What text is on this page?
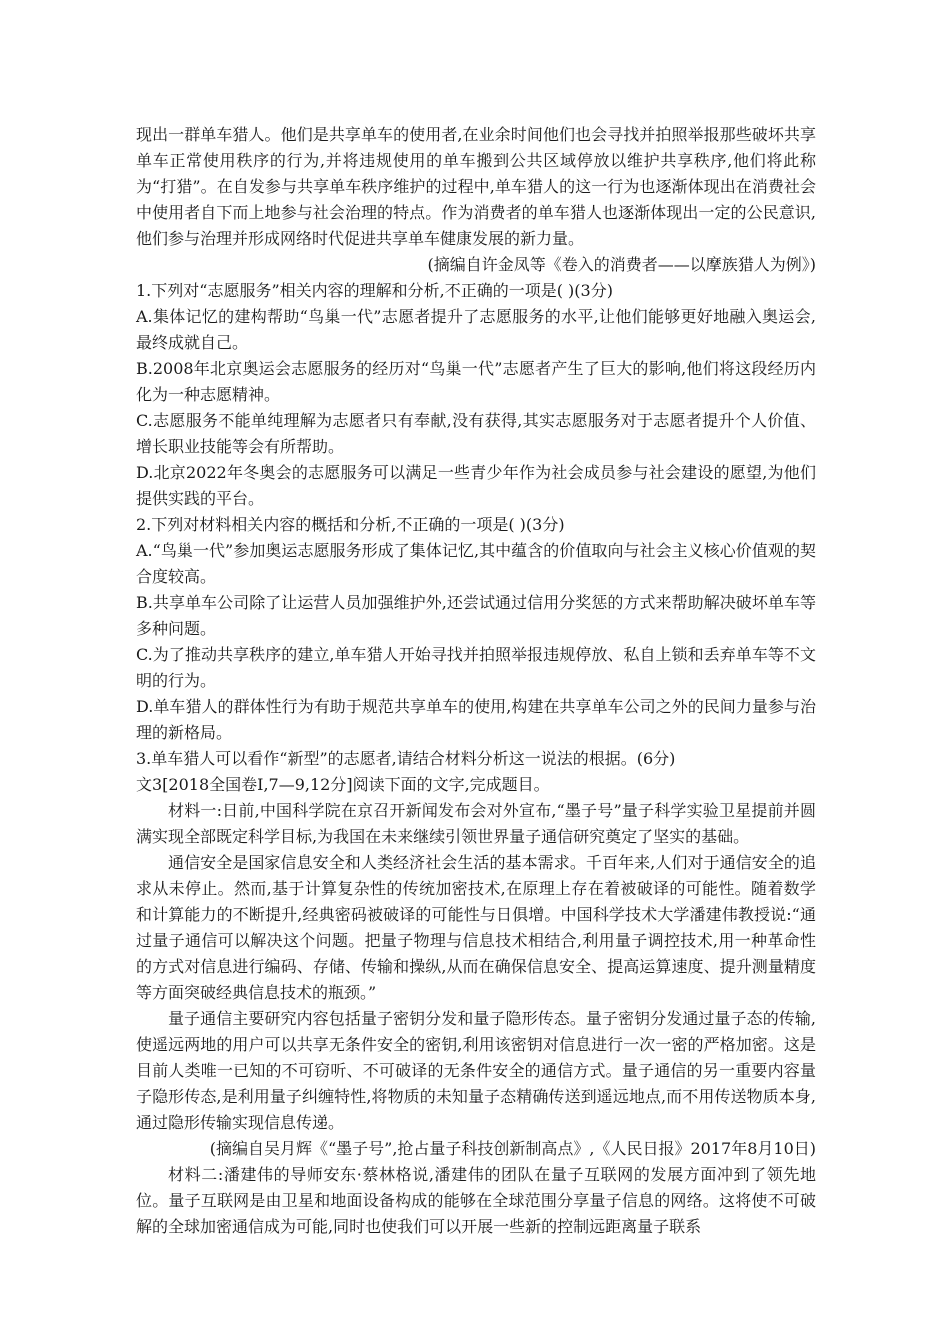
现出一群单车猎人。他们是共享单车的使用者,在业余时间他们也会寻找并拍照举报那些破坏共享单车正常使用秩序的行为,并将违规使用的单车搬到公共区域停放以维护共享秩序,他们将此称为“打猎”。在自发参与共享单车秩序维护的过程中,单车猎人的这一行为也逐渐体现出在消费社会中使用者自下而上地参与社会治理的特点。作为消费者的单车猎人也逐渐体现出一定的公民意识,他们参与治理并形成网络时代促进共享单车健康发展的新力量。

(摘编自许金凤等《卷入的消费者——以摩族猎人为例》)

1.下列对“志愿服务”相关内容的理解和分析,不正确的一项是( )(3分)

A.集体记忆的建构帮助“鸟巢一代”志愿者提升了志愿服务的水平,让他们能够更好地融入奥运会,最终成就自己。

B.2008年北京奥运会志愿服务的经历对“鸟巢一代”志愿者产生了巨大的影响,他们将这段经历内化为一种志愿精神。

C.志愿服务不能单纯理解为志愿者只有奉献,没有获得,其实志愿服务对于志愿者提升个人价值、增长职业技能等会有所帮助。

D.北京2022年冬奥会的志愿服务可以满足一些青少年作为社会成员参与社会建设的愿望,为他们提供实践的平台。

2.下列对材料相关内容的概括和分析,不正确的一项是( )(3分)

A.“鸟巢一代”参加奥运志愿服务形成了集体记忆,其中蕴含的价值取向与社会主义核心价值观的契合度较高。

B.共享单车公司除了让运营人员加强维护外,还尝试通过信用分奖惩的方式来帮助解决破坏单车等多种问题。

C.为了推动共享秩序的建立,单车猎人开始寻找并拍照举报违规停放、私自上锁和丢弃单车等不文明的行为。

D.单车猎人的群体性行为有助于规范共享单车的使用,构建在共享单车公司之外的民间力量参与治理的新格局。

3.单车猎人可以看作“新型”的志愿者,请结合材料分析这一说法的根据。(6分)

文3[2018全国卷Ⅰ,7—9,12分]阅读下面的文字,完成题目。

材料一:日前,中国科学院在京召开新闻发布会对外宣布,“墨子号”量子科学实验卫星提前并圆满实现全部既定科学目标,为我国在未来继续引领世界量子通信研究奠定了坚实的基础。

通信安全是国家信息安全和人类经济社会生活的基本需求。千百年来,人们对于通信安全的追求从未停止。然而,基于计算复杂性的传统加密技术,在原理上存在着被破译的可能性。随着数学和计算能力的不断提升,经典密码被破译的可能性与日俱增。中国科学技术大学潘建伟教授说:“通过量子通信可以解决这个问题。把量子物理与信息技术相结合,利用量子调控技术,用一种革命性的方式对信息进行编码、存储、传输和操纵,从而在确保信息安全、提高运算速度、提升测量精度等方面突破经典信息技术的瓶颈。”

量子通信主要研究内容包括量子密钥分发和量子隐形传态。量子密钥分发通过量子态的传输,使遥远两地的用户可以共享无条件安全的密钥,利用该密钥对信息进行一次一密的严格加密。这是目前人类唯一已知的不可窃听、不可破译的无条件安全的通信方式。量子通信的另一重要内容量子隐形传态,是利用量子纠缠特性,将物质的未知量子态精确传送到遥远地点,而不用传送物质本身,通过隐形传输实现信息传递。

(摘编自吴月辉《“墨子号”,抢占量子科技创新制高点》,《人民日报》2017年8月10日)

材料二:潘建伟的导师安东·蔡林格说,潘建伟的团队在量子互联网的发展方面冲到了领先地位。量子互联网是由卫星和地面设备构成的能够在全球范围分享量子信息的网络。这将使不可破解的全球加密通信成为可能,同时也使我们可以开展一些新的控制远距离量子联系
